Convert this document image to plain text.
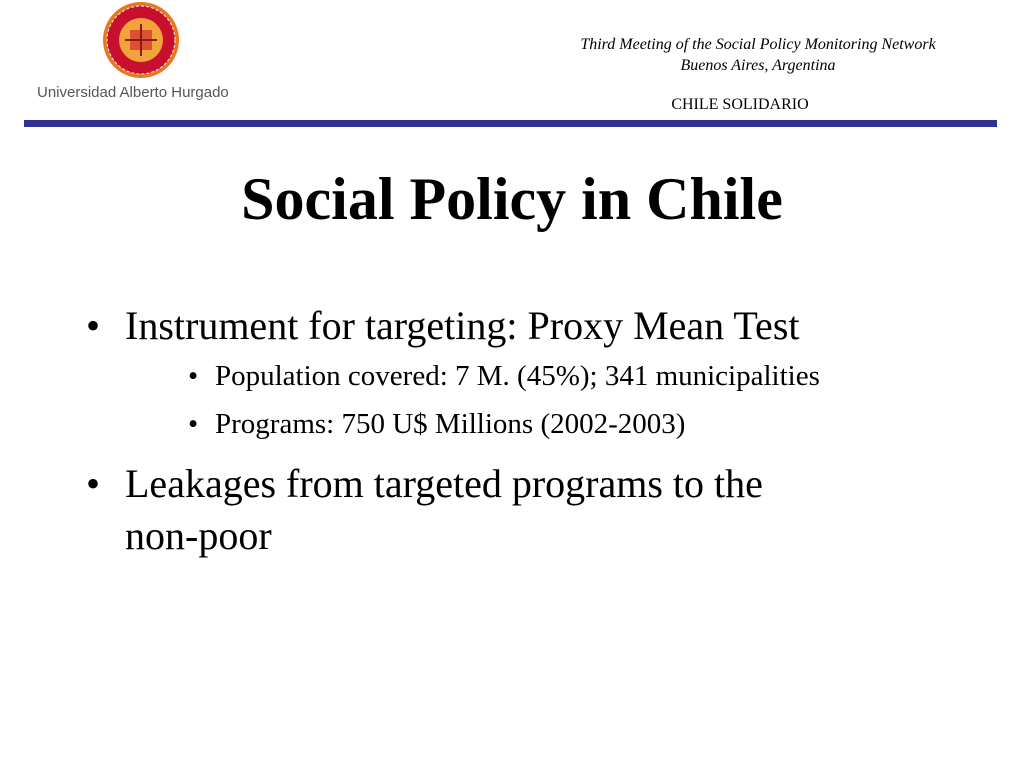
Universidad Alberto Hurgado
Third Meeting of the Social Policy Monitoring Network
Buenos Aires, Argentina
CHILE SOLIDARIO
Social Policy in Chile
• Instrument for targeting: Proxy Mean Test
• Population covered: 7 M. (45%); 341 municipalities
• Programs: 750 U$ Millions (2002-2003)
• Leakages from targeted programs to the
non-poor
